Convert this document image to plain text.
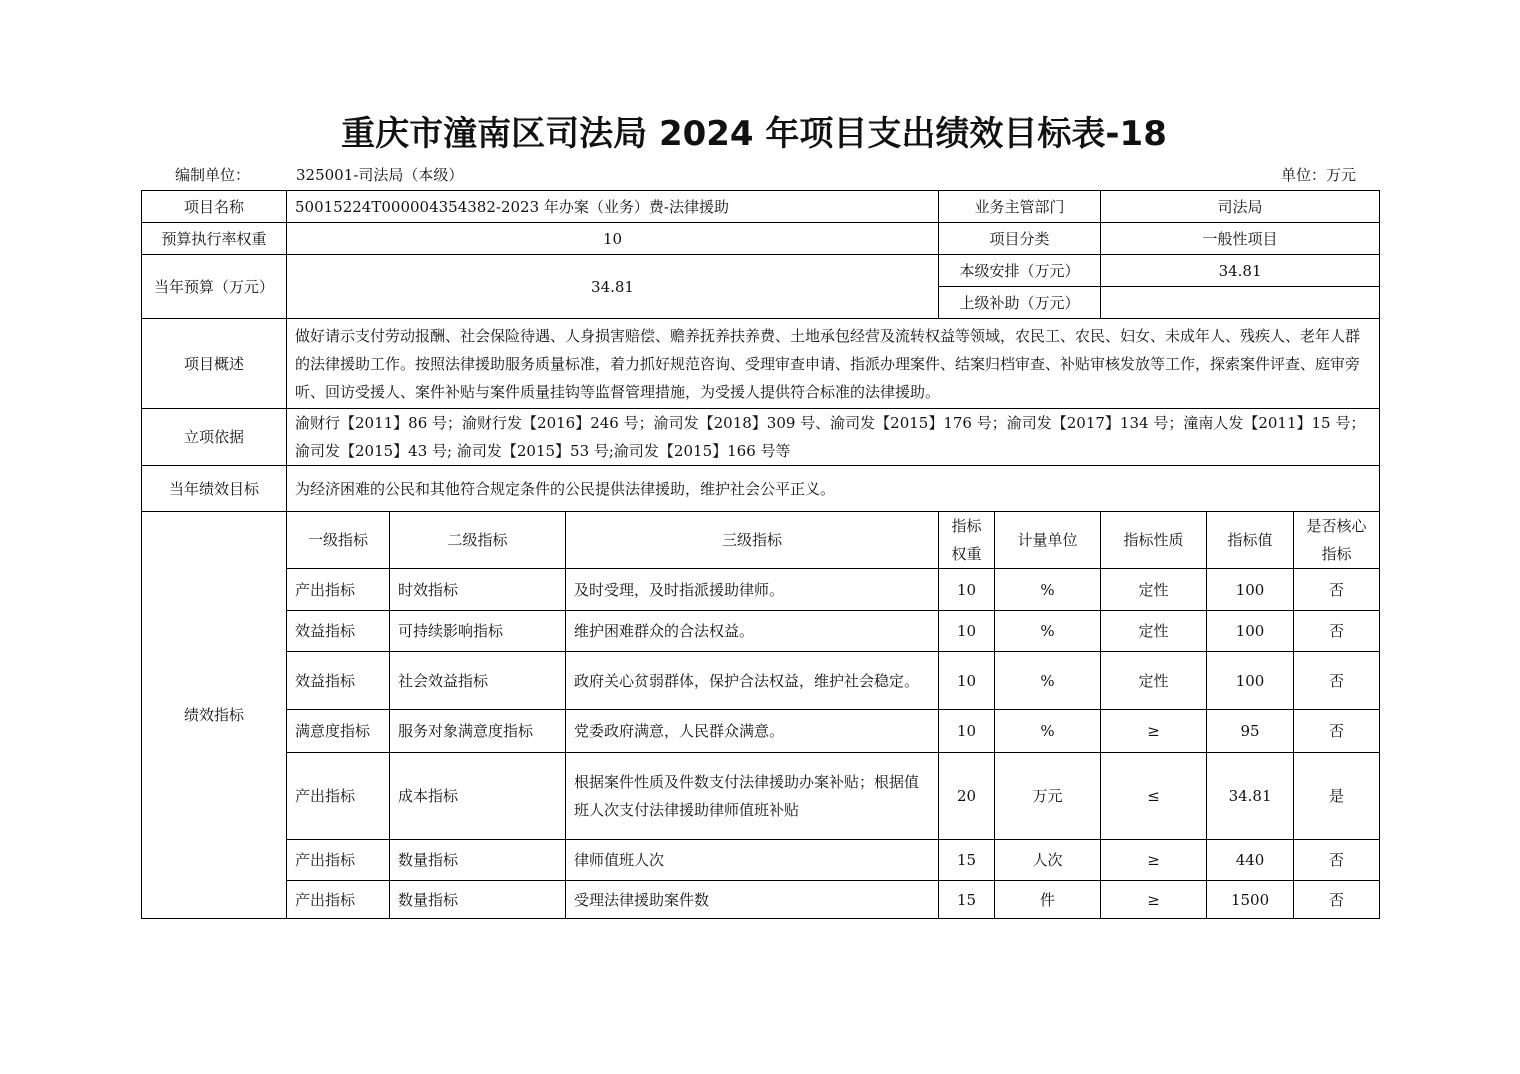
重庆市潼南区司法局 2024 年项目支出绩效目标表-18
编制单位：	325001-司法局（本级）	单位：万元
项目名称	50015224T000004354382-2023 年办案（业务）费-法律援助			业务主管部门		司法局		
预算执行率权重	10			项目分类		一般性项目		
当年预算（万元）	34.81			本级安排（万元）		34.81		
				上级补助（万元）				
项目概述	做好请示支付劳动报酬、社会保险待遇、人身损害赔偿、赡养抚养扶养费、土地承包经营及流转权益等领域，农民工、农民、妇女、未成年人、残疾人、老年人群的法律援助工作。按照法律援助服务质量标准，着力抓好规范咨询、受理审查申请、指派办理案件、结案归档审查、补贴审核发放等工作，探索案件评查、庭审旁听、回访受援人、案件补贴与案件质量挂钩等监督管理措施，为受援人提供符合标准的法律援助。							
立项依据	渝财行【2011】86 号；渝财行发【2016】246 号；渝司发【2018】309 号、渝司发【2015】176 号；渝司发【2017】134 号；潼南人发【2011】15 号；渝司发【2015】43 号; 渝司发【2015】53 号;渝司发【2015】166 号等							
当年绩效目标	为经济困难的公民和其他符合规定条件的公民提供法律援助，维护社会公平正义。							
绩效指标	一级指标	二级指标	三级指标	指标权重	计量单位	指标性质	指标值	是否核心指标
	产出指标	时效指标	及时受理，及时指派援助律师。	10	%	定性	100	否
	效益指标	可持续影响指标	维护困难群众的合法权益。	10	%	定性	100	否
	效益指标	社会效益指标	政府关心贫弱群体，保护合法权益，维护社会稳定。	10	%	定性	100	否
	满意度指标	服务对象满意度指标	党委政府满意，人民群众满意。	10	%	≥	95	否
	产出指标	成本指标	根据案件性质及件数支付法律援助办案补贴；根据值班人次支付法律援助律师值班补贴	20	万元	≤	34.81	是
	产出指标	数量指标	律师值班人次	15	人次	≥	440	否
	产出指标	数量指标	受理法律援助案件数	15	件	≥	1500	否
